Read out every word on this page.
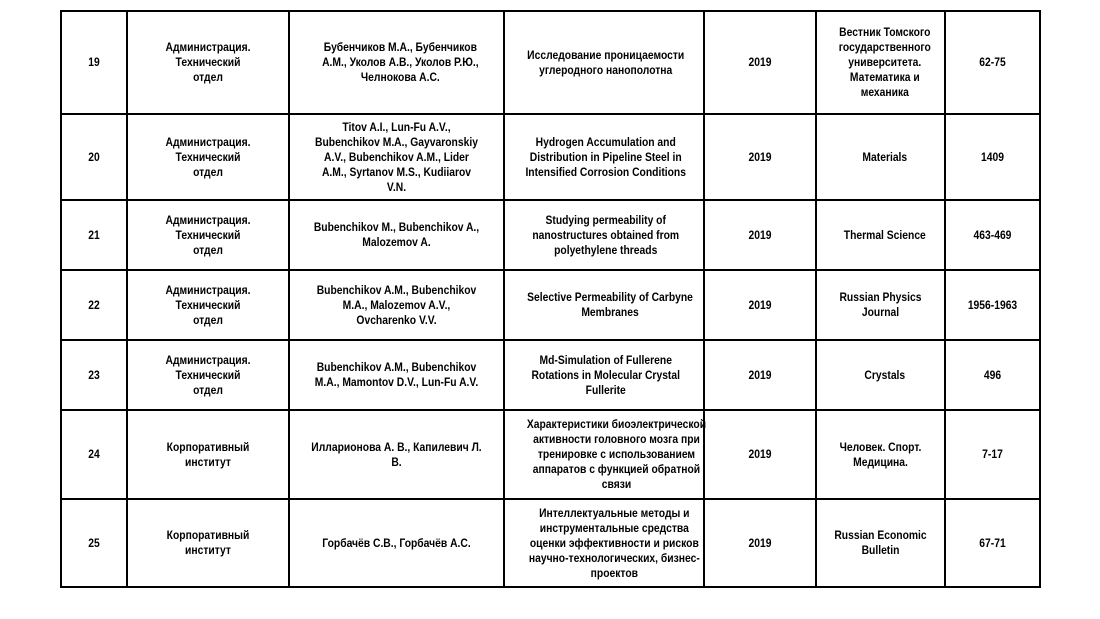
19	Администрация. Технический отдел	Бубенчиков М.А., Бубенчиков А.М., Уколов А.В., Уколов Р.Ю., Челнокова А.С.	Исследование проницаемости углеродного нанополотна	2019	Вестник Томского государственного университета. Математика и механика	62-75
20	Администрация. Технический отдел	Titov A.I., Lun-Fu A.V., Bubenchikov M.A., Gayvaronskiy A.V., Bubenchikov A.M., Lider A.M., Syrtanov M.S., Kudiiarov V.N.	Hydrogen Accumulation and Distribution in Pipeline Steel in Intensified Corrosion Conditions	2019	Materials	1409
21	Администрация. Технический отдел	Bubenchikov M., Bubenchikov A., Malozemov A.	Studying permeability of nanostructures obtained from polyethylene threads	2019	Thermal Science	463-469
22	Администрация. Технический отдел	Bubenchikov A.M., Bubenchikov M.A., Malozemov A.V., Ovcharenko V.V.	Selective Permeability of Carbyne Membranes	2019	Russian Physics Journal	1956-1963
23	Администрация. Технический отдел	Bubenchikov A.M., Bubenchikov M.A., Mamontov D.V., Lun-Fu A.V.	Md-Simulation of Fullerene Rotations in Molecular Crystal Fullerite	2019	Crystals	496
24	Корпоративный институт	Илларионова А. В., Капилевич Л. В.	Характеристики биоэлектрической активности головного мозга при тренировке с использованием аппаратов с функцией обратной связи	2019	Человек. Спорт. Медицина.	7-17
25	Корпоративный институт	Горбачёв С.В., Горбачёв А.С.	Интеллектуальные методы и инструментальные средства оценки эффективности и рисков научно-технологических, бизнес-проектов	2019	Russian Economic Bulletin	67-71
